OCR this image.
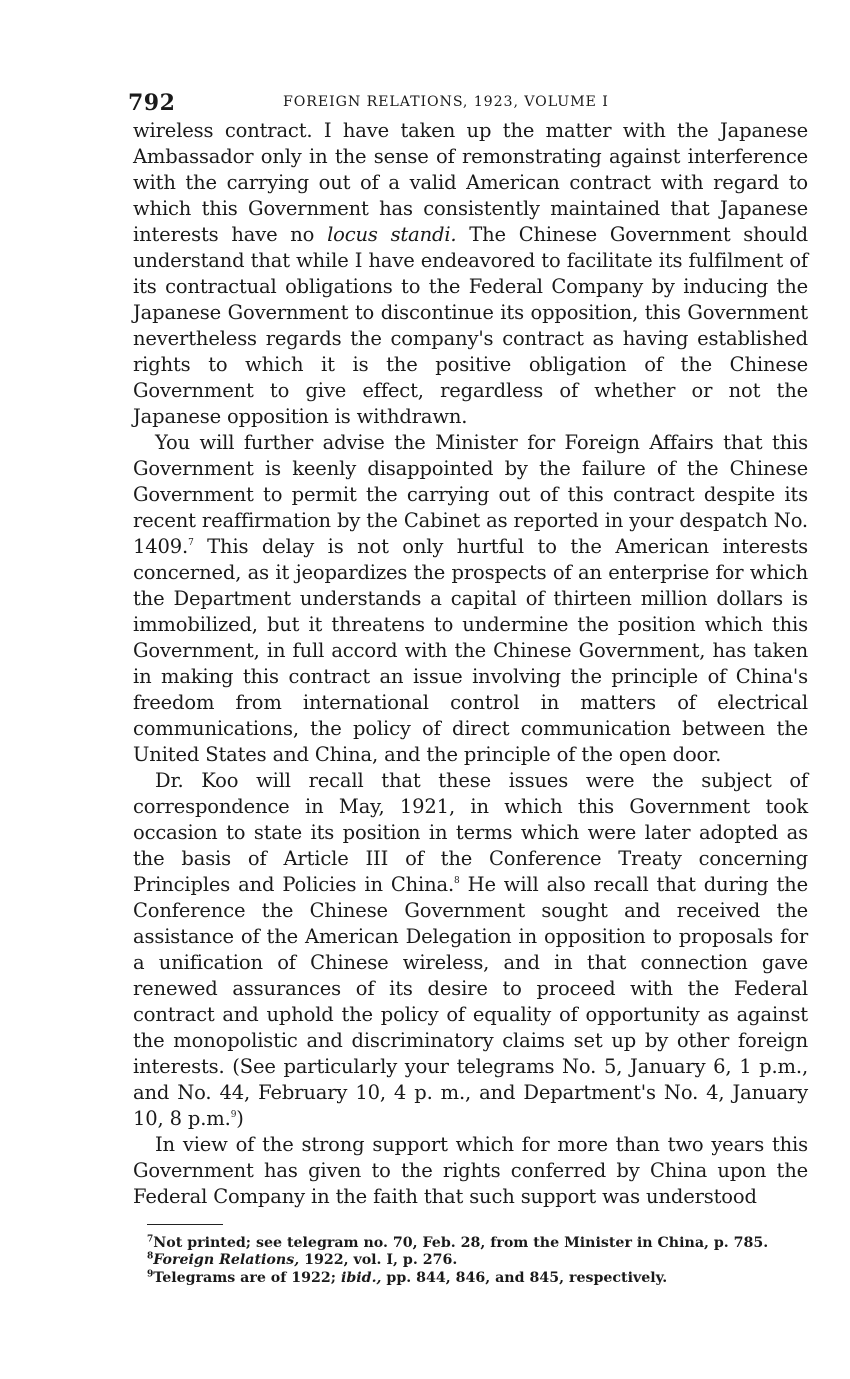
792	FOREIGN RELATIONS, 1923, VOLUME I

wireless contract. I have taken up the matter with the Japanese Ambassador only in the sense of remonstrating against interference with the carrying out of a valid American contract with regard to which this Government has consistently maintained that Japanese interests have no locus standi. The Chinese Government should understand that while I have endeavored to facilitate its fulfilment of its contractual obligations to the Federal Company by inducing the Japanese Government to discontinue its opposition, this Government nevertheless regards the company's contract as having established rights to which it is the positive obligation of the Chinese Government to give effect, regardless of whether or not the Japanese opposition is withdrawn.

You will further advise the Minister for Foreign Affairs that this Government is keenly disappointed by the failure of the Chinese Government to permit the carrying out of this contract despite its recent reaffirmation by the Cabinet as reported in your despatch No. 1409.$^7$ This delay is not only hurtful to the American interests concerned, as it jeopardizes the prospects of an enterprise for which the Department understands a capital of thirteen million dollars is immobilized, but it threatens to undermine the position which this Government, in full accord with the Chinese Government, has taken in making this contract an issue involving the principle of China's freedom from international control in matters of electrical communications, the policy of direct communication between the United States and China, and the principle of the open door.

Dr. Koo will recall that these issues were the subject of correspondence in May, 1921, in which this Government took occasion to state its position in terms which were later adopted as the basis of Article III of the Conference Treaty concerning Principles and Policies in China.$^8$ He will also recall that during the Conference the Chinese Government sought and received the assistance of the American Delegation in opposition to proposals for a unification of Chinese wireless, and in that connection gave renewed assurances of its desire to proceed with the Federal contract and uphold the policy of equality of opportunity as against the monopolistic and discriminatory claims set up by other foreign interests. (See particularly your telegrams No. 5, January 6, 1 p.m., and No. 44, February 10, 4 p. m., and Department's No. 4, January 10, 8 p.m.$^9$)

In view of the strong support which for more than two years this Government has given to the rights conferred by China upon the Federal Company in the faith that such support was understood

$^7$Not printed; see telegram no. 70, Feb. 28, from the Minister in China, p. 785.

$^8$Foreign Relations, 1922, vol. I, p. 276.

$^9$Telegrams are of 1922; ibid., pp. 844, 846, and 845, respectively.
